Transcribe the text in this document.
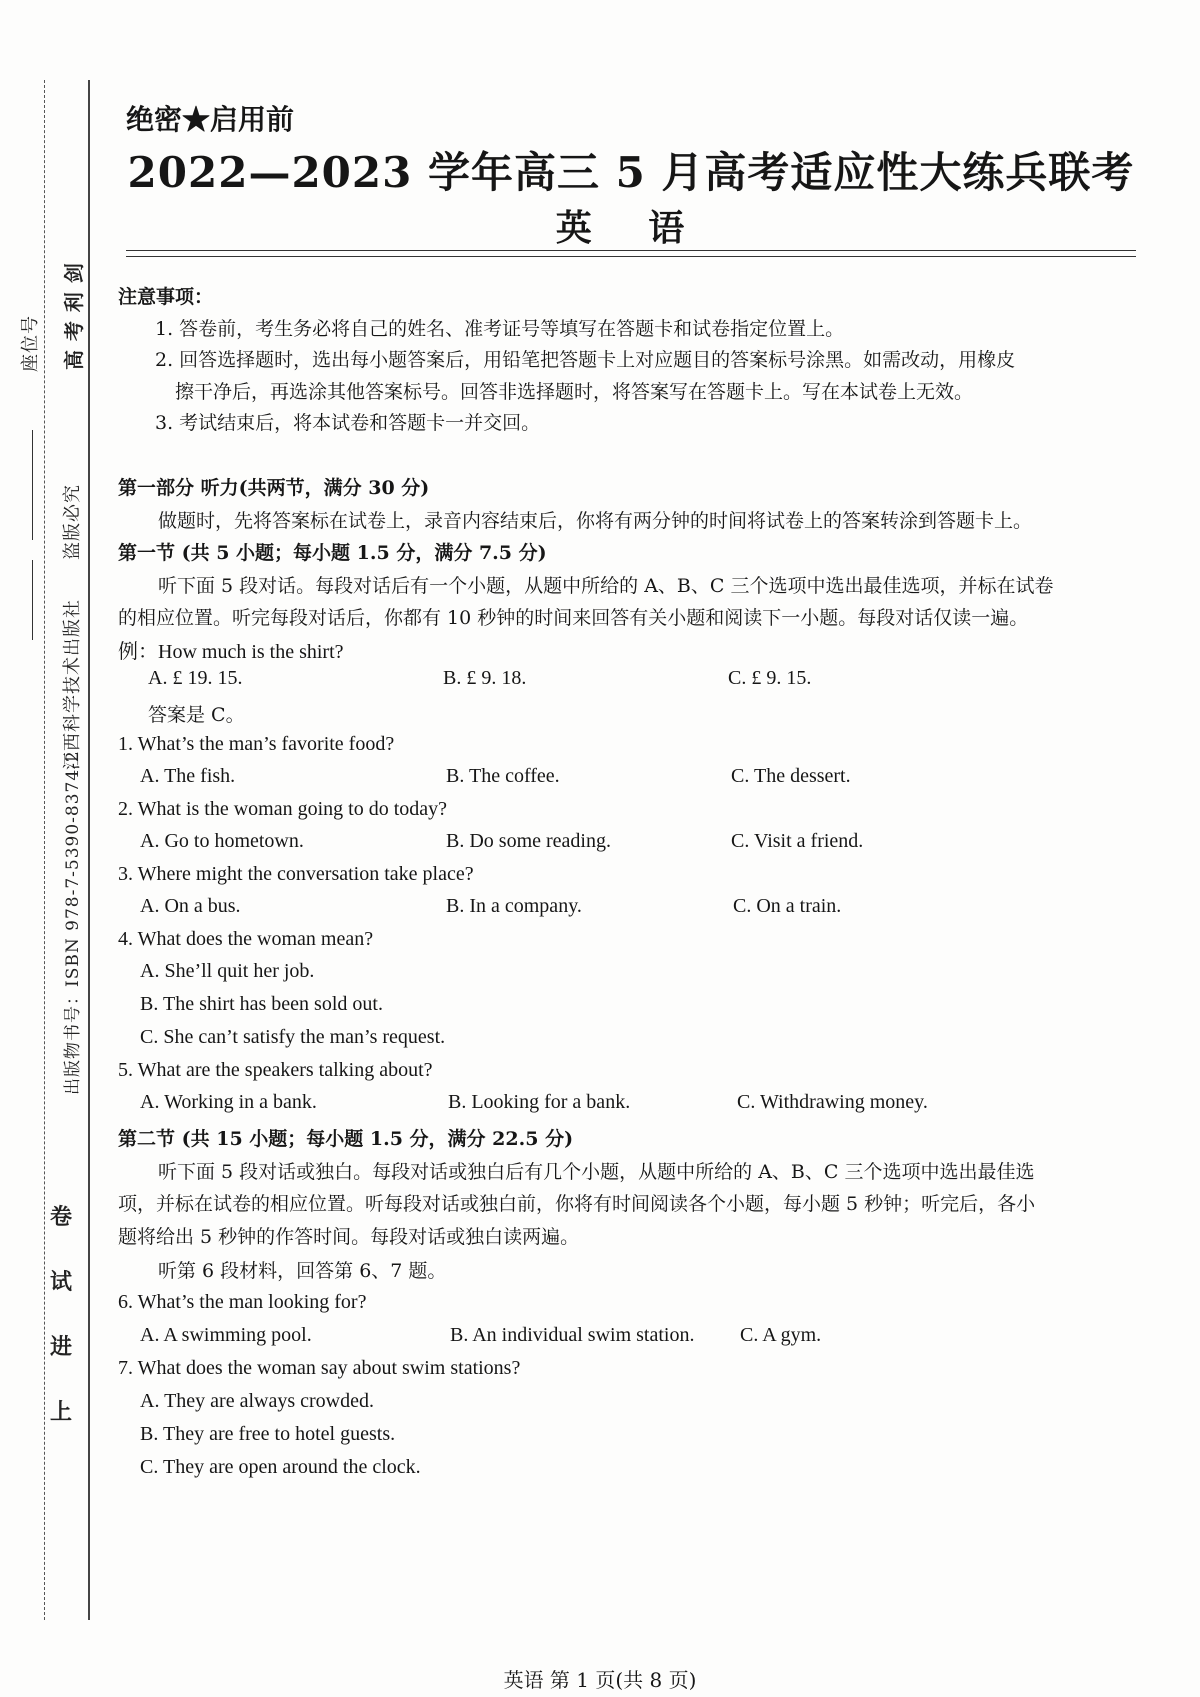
座位号 高 考 利 剑
盗版必究
江西科学技术出版社
出版物书号：ISBN 978-7-5390-8374-2
卷
试
进
上
绝密★启用前
2022—2023 学年高三 5 月高考适应性大练兵联考
英 语
注意事项：
1. 答卷前，考生务必将自己的姓名、准考证号等填写在答题卡和试卷指定位置上。
2. 回答选择题时，选出每小题答案后，用铅笔把答题卡上对应题目的答案标号涂黑。如需改动，用橡皮
擦干净后，再选涂其他答案标号。回答非选择题时，将答案写在答题卡上。写在本试卷上无效。
3. 考试结束后，将本试卷和答题卡一并交回。
第一部分 听力(共两节，满分 30 分)
做题时，先将答案标在试卷上，录音内容结束后，你将有两分钟的时间将试卷上的答案转涂到答题卡上。
第一节 (共 5 小题；每小题 1.5 分，满分 7.5 分)
听下面 5 段对话。每段对话后有一个小题，从题中所给的 A、B、C 三个选项中选出最佳选项，并标在试卷
的相应位置。听完每段对话后，你都有 10 秒钟的时间来回答有关小题和阅读下一小题。每段对话仅读一遍。
例：How much is the shirt?
A. £ 19. 15.	B. £ 9. 18.	C. £ 9. 15.
答案是 C。
1. What’s the man’s favorite food?
A. The fish.	B. The coffee.	C. The dessert.
2. What is the woman going to do today?
A. Go to hometown.	B. Do some reading.	C. Visit a friend.
3. Where might the conversation take place?
A. On a bus.	B. In a company.	C. On a train.
4. What does the woman mean?
A. She’ll quit her job.
B. The shirt has been sold out.
C. She can’t satisfy the man’s request.
5. What are the speakers talking about?
A. Working in a bank.	B. Looking for a bank.	C. Withdrawing money.
第二节 (共 15 小题；每小题 1.5 分，满分 22.5 分)
听下面 5 段对话或独白。每段对话或独白后有几个小题，从题中所给的 A、B、C 三个选项中选出最佳选
项，并标在试卷的相应位置。听每段对话或独白前，你将有时间阅读各个小题，每小题 5 秒钟；听完后，各小
题将给出 5 秒钟的作答时间。每段对话或独白读两遍。
听第 6 段材料，回答第 6、7 题。
6. What’s the man looking for?
A. A swimming pool.	B. An individual swim station. C. A gym.
7. What does the woman say about swim stations?
A. They are always crowded.
B. They are free to hotel guests.
C. They are open around the clock.
英语 第 1 页(共 8 页)
